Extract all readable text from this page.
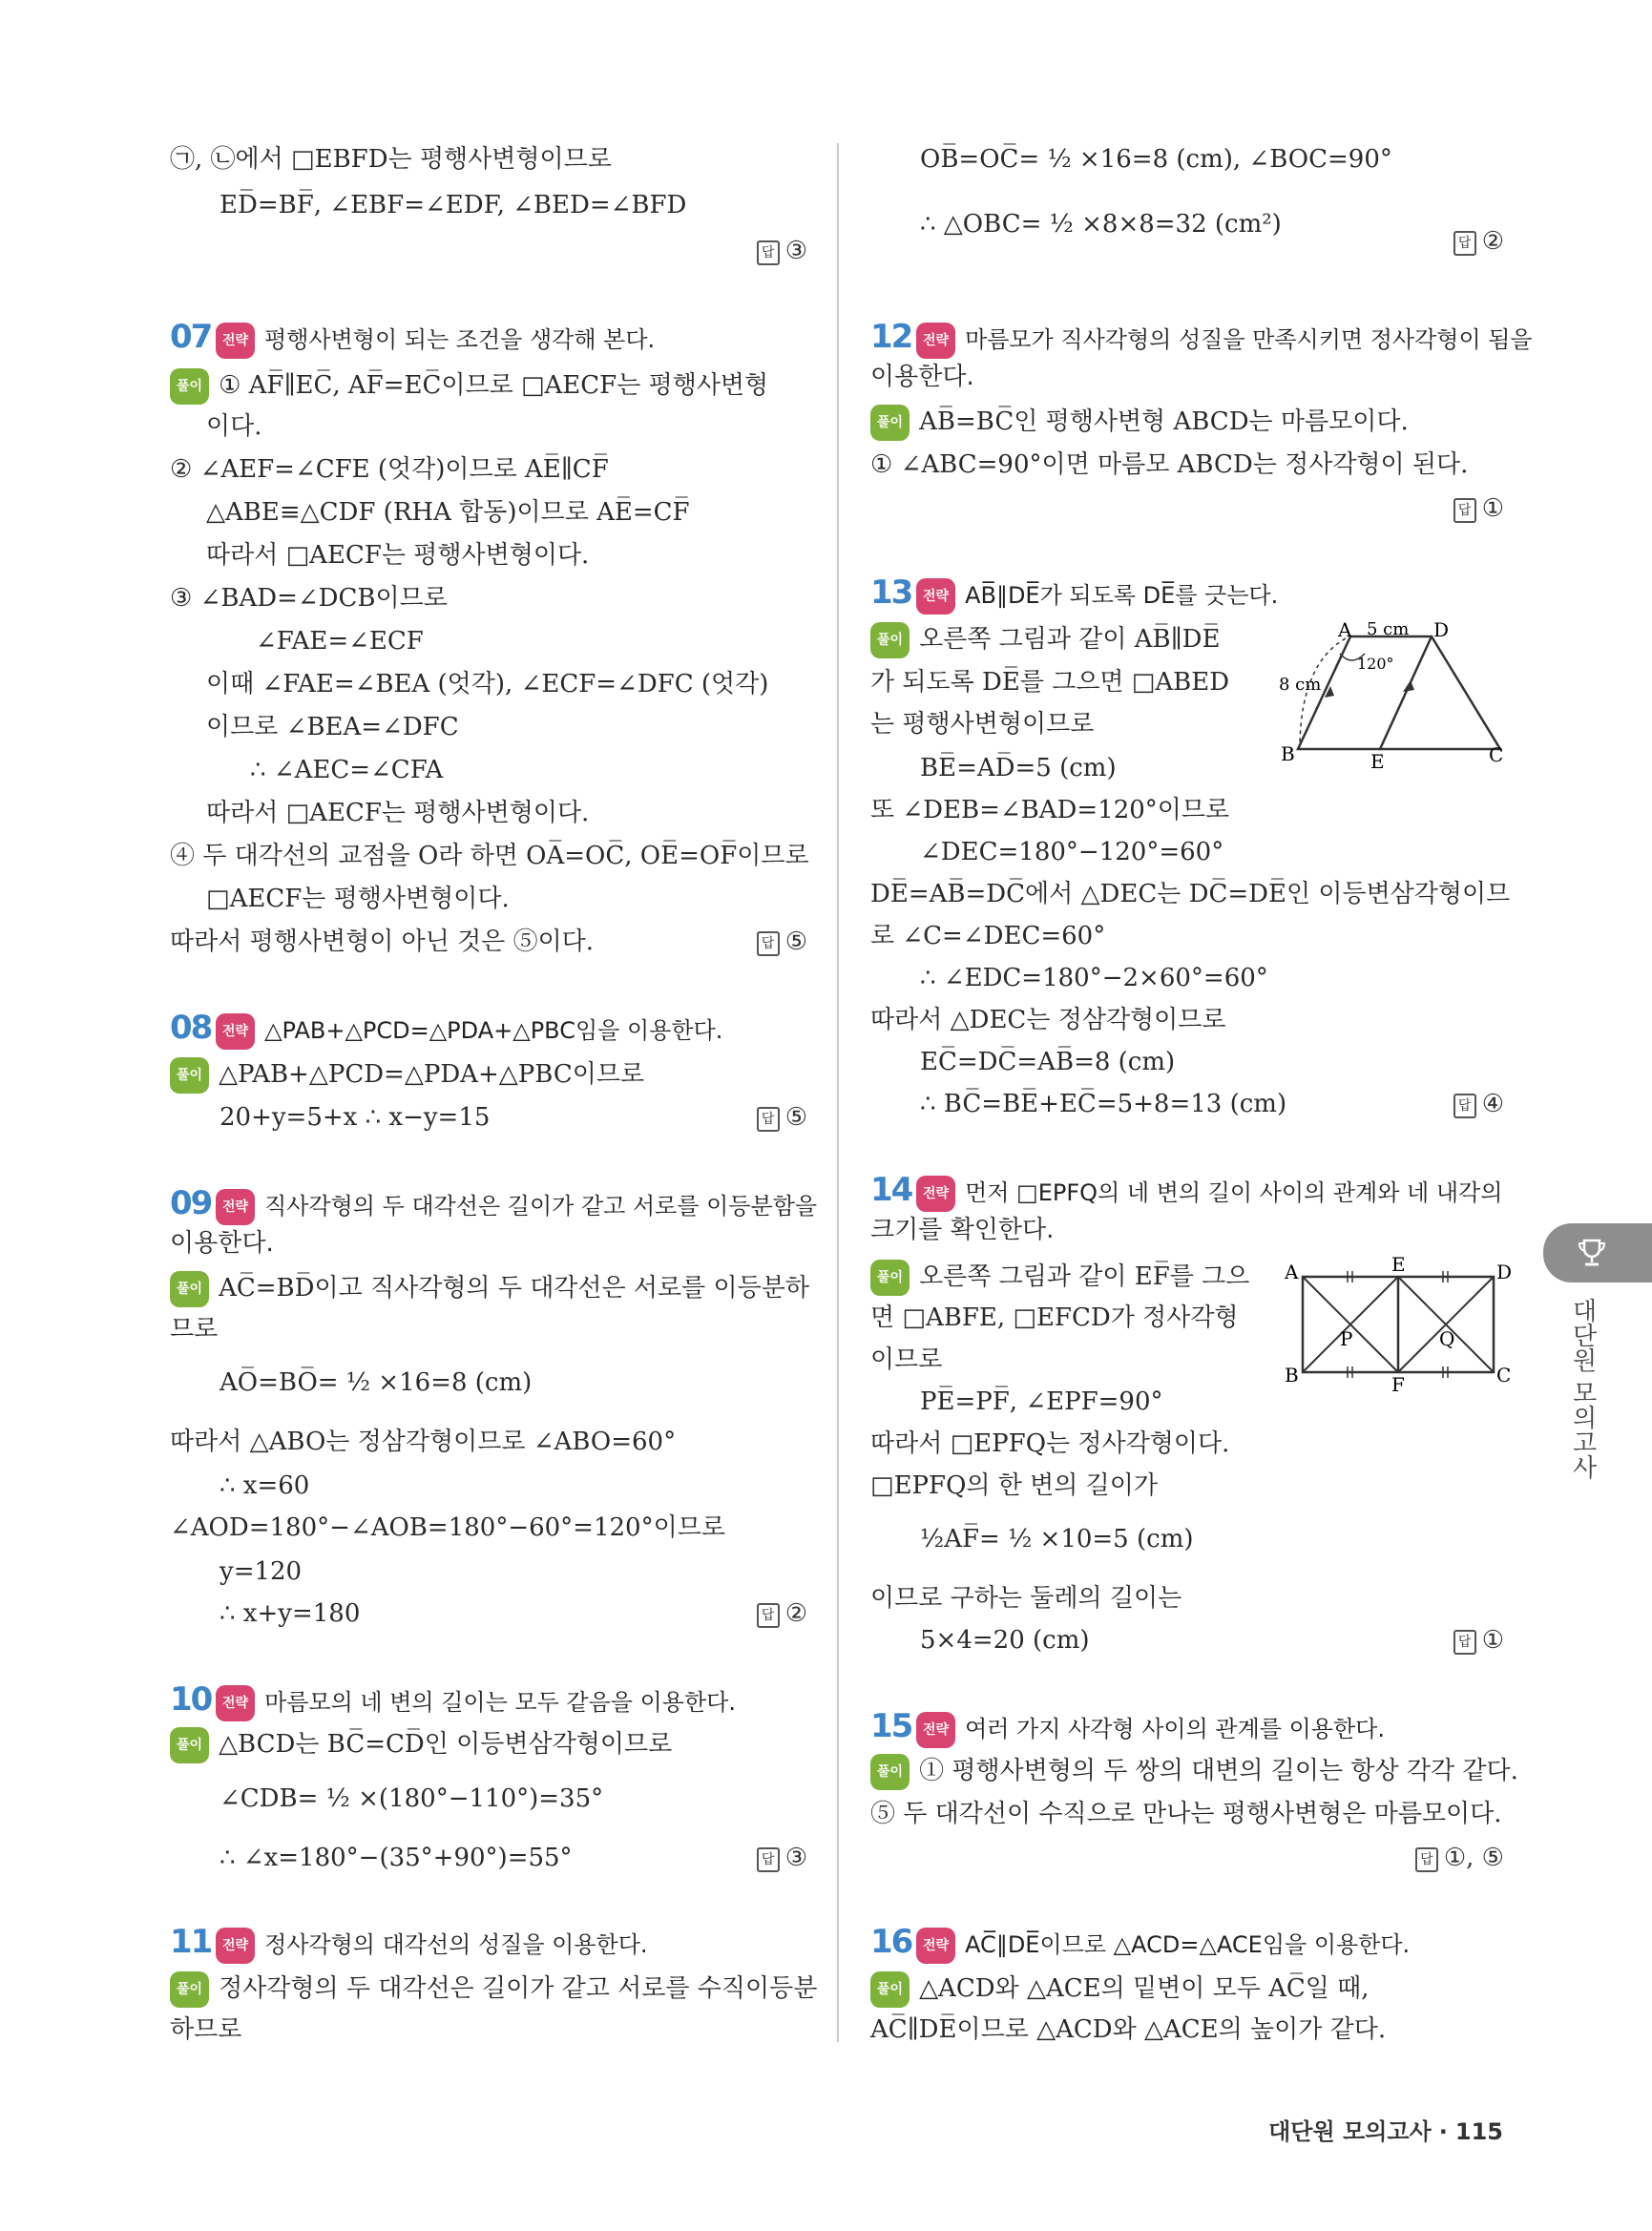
㉠, ㉡에서 □EBFD는 평행사변형이므로
ED̅=BF̅, ∠EBF=∠EDF, ∠BED=∠BFD
07 전략 평행사변형이 되는 조건을 생각해 본다.
풀이 ① AF̅∥EC̅, AF̅=EC̅이므로 □AECF는 평행사변형
이다.
② ∠AEF=∠CFE (엇각)이므로 AE̅∥CF̅
△ABE≡△CDF (RHA 합동)이므로 AE̅=CF̅
따라서 □AECF는 평행사변형이다.
③ ∠BAD=∠DCB이므로
∠FAE=∠ECF
이때 ∠FAE=∠BEA (엇각), ∠ECF=∠DFC (엇각)
이므로 ∠BEA=∠DFC
∴ ∠AEC=∠CFA
따라서 □AECF는 평행사변형이다.
④ 두 대각선의 교점을 O라 하면 OA̅=OC̅, OE̅=OF̅이므로
□AECF는 평행사변형이다.
따라서 평행사변형이 아닌 것은 ⑤이다.
08 전략 △PAB+△PCD=△PDA+△PBC임을 이용한다.
풀이 △PAB+△PCD=△PDA+△PBC이므로
20+y=5+x ∴ x−y=15
09 전략 직사각형의 두 대각선은 길이가 같고 서로를 이등분함을
이용한다.
풀이 AC̅=BD̅이고 직사각형의 두 대각선은 서로를 이등분하
므로
AO̅=BO̅= ½ ×16=8 (cm)
따라서 △ABO는 정삼각형이므로 ∠ABO=60°
∴ x=60
∠AOD=180°−∠AOB=180°−60°=120°이므로
y=120
∴ x+y=180
10 전략 마름모의 네 변의 길이는 모두 같음을 이용한다.
풀이 △BCD는 BC̅=CD̅인 이등변삼각형이므로
∠CDB= ½ ×(180°−110°)=35°
∴ ∠x=180°−(35°+90°)=55°
11 전략 정사각형의 대각선의 성질을 이용한다.
풀이 정사각형의 두 대각선은 길이가 같고 서로를 수직이등분
하므로
답 ③
답 ⑤
답 ⑤
답 ②
답 ③
OB̅=OC̅= ½ ×16=8 (cm), ∠BOC=90°
∴ △OBC= ½ ×8×8=32 (cm²)
12 전략 마름모가 직사각형의 성질을 만족시키면 정사각형이 됨을
이용한다.
풀이 AB̅=BC̅인 평행사변형 ABCD는 마름모이다.
① ∠ABC=90°이면 마름모 ABCD는 정사각형이 된다.
13 전략 AB̅∥DE̅가 되도록 DE̅를 긋는다.
풀이 오른쪽 그림과 같이 AB̅∥DE̅
가 되도록 DE̅를 그으면 □ABED
는 평행사변형이므로
BE̅=AD̅=5 (cm)
또 ∠DEB=∠BAD=120°이므로
∠DEC=180°−120°=60°
DE̅=AB̅=DC̅에서 △DEC는 DC̅=DE̅인 이등변삼각형이므
로 ∠C=∠DEC=60°
∴ ∠EDC=180°−2×60°=60°
따라서 △DEC는 정삼각형이므로
EC̅=DC̅=AB̅=8 (cm)
∴ BC̅=BE̅+EC̅=5+8=13 (cm)
14 전략 먼저 □EPFQ의 네 변의 길이 사이의 관계와 네 내각의
크기를 확인한다.
풀이 오른쪽 그림과 같이 EF̅를 그으
면 □ABFE, □EFCD가 정사각형
이므로
PE̅=PF̅, ∠EPF=90°
따라서 □EPFQ는 정사각형이다.
□EPFQ의 한 변의 길이가
½AF̅= ½ ×10=5 (cm)
이므로 구하는 둘레의 길이는
5×4=20 (cm)
15 전략 여러 가지 사각형 사이의 관계를 이용한다.
풀이 ① 평행사변형의 두 쌍의 대변의 길이는 항상 각각 같다.
⑤ 두 대각선이 수직으로 만나는 평행사변형은 마름모이다.
16 전략 AC̅∥DE̅이므로 △ACD=△ACE임을 이용한다.
풀이 △ACD와 △ACE의 밑변이 모두 AC̅일 때,
AC̅∥DE̅이므로 △ACD와 △ACE의 높이가 같다.
답 ②
답 ①
답 ④
답 ①
답 ①, ⑤
A	D
B	C
E
5 cm
8 cm
120°
A	E	D
B	F	C
P	Q	대단원 모의고사
대단원 모의고사 · 115
